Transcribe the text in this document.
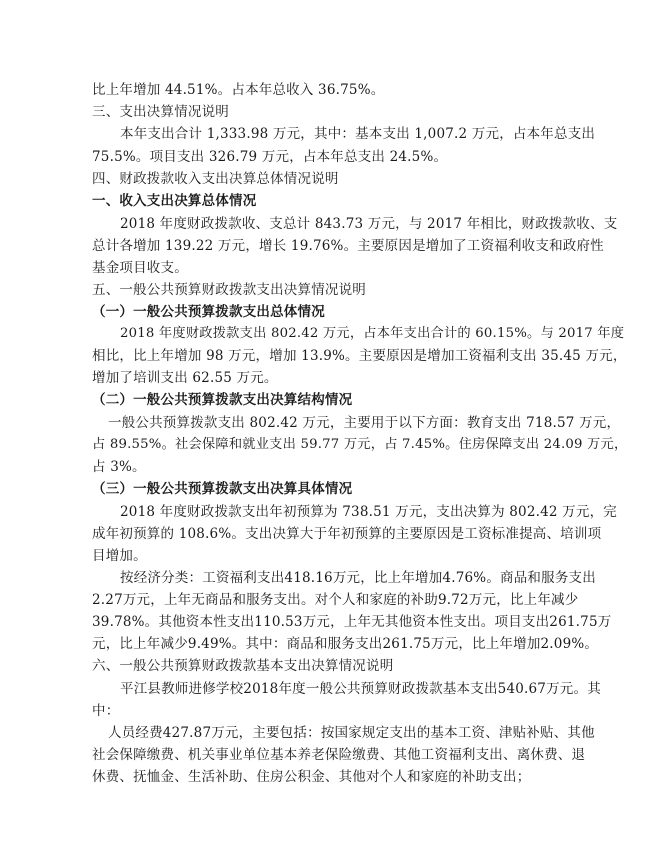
比上年增加 44.51%。占本年总收入 36.75%。
三、支出决算情况说明
本年支出合计 1,333.98 万元，其中：基本支出 1,007.2 万元，占本年总支出
75.5%。项目支出 326.79 万元，占本年总支出 24.5%。
四、财政拨款收入支出决算总体情况说明
一、收入支出决算总体情况
2018 年度财政拨款收、支总计 843.73 万元，与 2017 年相比，财政拨款收、支
总计各增加 139.22 万元，增长 19.76%。主要原因是增加了工资福利收支和政府性
基金项目收支。
五、一般公共预算财政拨款支出决算情况说明
（一）一般公共预算拨款支出总体情况
2018 年度财政拨款支出 802.42 万元，占本年支出合计的 60.15%。与 2017 年度
相比，比上年增加 98 万元，增加 13.9%。主要原因是增加工资福利支出 35.45 万元，
增加了培训支出 62.55 万元。
（二）一般公共预算拨款支出决算结构情况
一般公共预算拨款支出 802.42 万元，主要用于以下方面：教育支出 718.57 万元，
占 89.55%。社会保障和就业支出 59.77 万元，占 7.45%。住房保障支出 24.09 万元，
占 3%。
（三）一般公共预算拨款支出决算具体情况
2018 年度财政拨款支出年初预算为 738.51 万元，支出决算为 802.42 万元，完
成年初预算的 108.6%。支出决算大于年初预算的主要原因是工资标准提高、培训项
目增加。
按经济分类：工资福利支出418.16万元，比上年增加4.76%。商品和服务支出
2.27万元，上年无商品和服务支出。对个人和家庭的补助9.72万元，比上年减少
39.78%。其他资本性支出110.53万元，上年无其他资本性支出。项目支出261.75万
元，比上年减少9.49%。其中：商品和服务支出261.75万元，比上年增加2.09%。
六、一般公共预算财政拨款基本支出决算情况说明
平江县教师进修学校2018年度一般公共预算财政拨款基本支出540.67万元。其
中：
人员经费427.87万元，主要包括：按国家规定支出的基本工资、津贴补贴、其他
社会保障缴费、机关事业单位基本养老保险缴费、其他工资福利支出、离休费、退
休费、抚恤金、生活补助、住房公积金、其他对个人和家庭的补助支出；
